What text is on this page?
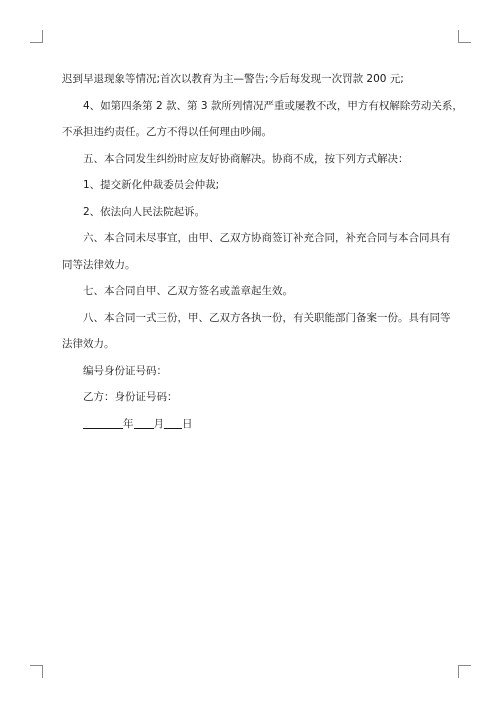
迟到早退现象等情况;首次以教育为主—警告;今后每发现一次罚款 200 元;
4、如第四条第 2 款、第 3 款所列情况严重或屡教不改，甲方有权解除劳动关系，
不承担违约责任。乙方不得以任何理由吵闹。
五、本合同发生纠纷时应友好协商解决。协商不成，按下列方式解决：
1、提交新化仲裁委员会仲裁;
2、依法向人民法院起诉。
六、本合同未尽事宜，由甲、乙双方协商签订补充合同，补充合同与本合同具有
同等法律效力。
七、本合同自甲、乙双方签名或盖章起生效。
八、本合同一式三份，甲、乙双方各执一份，有关职能部门备案一份。具有同等
法律效力。
编号身份证号码：
乙方：身份证号码：
年 月 日
